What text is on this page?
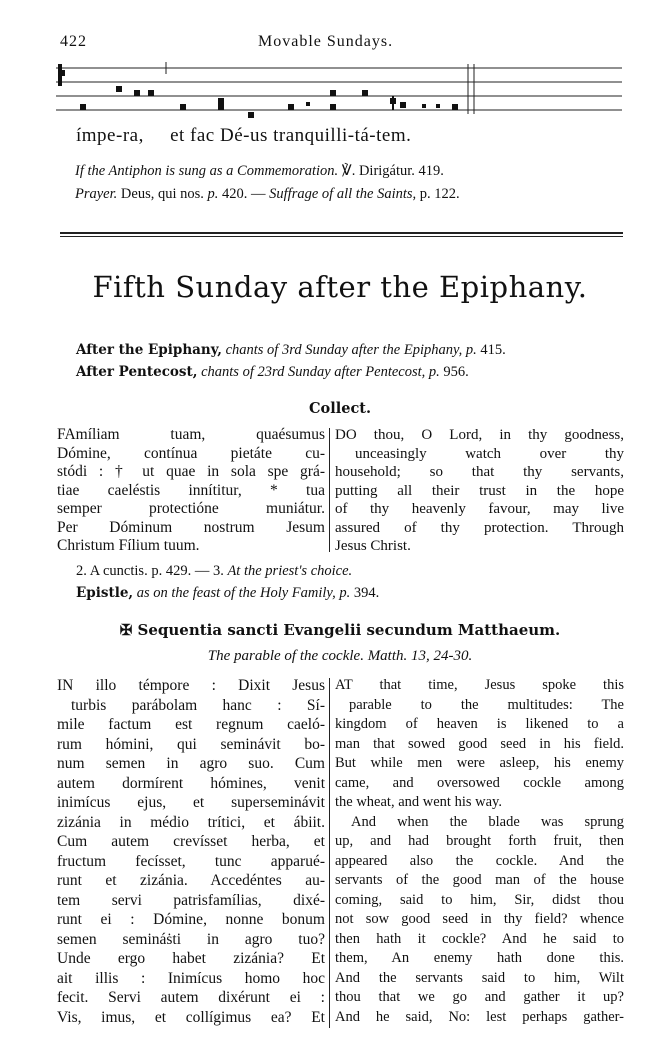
422	Movable Sundays.
ímpe-ra,     et fac Dé-us tranquilli-tá-tem.
If the Antiphon is sung as a Commemoration. ℣. Dirigátur. 419.
Prayer. Deus, qui nos. p. 420. — Suffrage of all the Saints, p. 122.
Fifth Sunday after the Epiphany.
After the Epiphany, chants of 3rd Sunday after the Epiphany, p. 415.
After Pentecost, chants of 23rd Sunday after Pentecost, p. 956.
Collect.
FAmíliam tuam, quaésumus
Dómine, contínua pietáte cu-
stódi : † ut quae in sola spe grá-
tiae caeléstis innítitur, * tua
semper protectióne muniátur.
Per Dóminum nostrum Jesum
Christum Fílium tuum.
DO thou, O Lord, in thy goodness,
unceasingly watch over thy
household; so that thy servants,
putting all their trust in the hope
of thy heavenly favour, may live
assured of thy protection. Through
Jesus Christ.
2. A cunctis. p. 429. — 3. At the priest's choice.
Epistle, as on the feast of the Holy Family, p. 394.
✠ Sequentia sancti Evangelii secundum Matthaeum.
The parable of the cockle. Matth. 13, 24-30.
IN illo témpore : Dixit Jesus
turbis parábolam hanc : Sí-
mile factum est regnum caeló-
rum hómini, qui seminávit bo-
num semen in agro suo. Cum
autem dormírent hómines, venit
inimícus ejus, et superseminávit
zizánia in médio trítici, et ábiit.
Cum autem crevísset herba, et
fructum fecísset, tunc apparué-
runt et zizánia. Accedéntes au-
tem servi patrisfamílias, dixé-
runt ei : Dómine, nonne bonum
semen semináṡti in agro tuo?
Unde ergo habet zizánia? Et
ait illis : Inimícus homo hoc
fecit. Servi autem dixérunt ei :
Vis, imus, et collígimus ea? Et
AT that time, Jesus spoke this
parable to the multitudes: The
kingdom of heaven is likened to a
man that sowed good seed in his field.
But while men were asleep, his enemy
came, and oversowed cockle among
the wheat, and went his way.
And when the blade was sprung
up, and had brought forth fruit, then
appeared also the cockle. And the
servants of the good man of the house
coming, said to him, Sir, didst thou
not sow good seed in thy field? whence
then hath it cockle? And he said to
them, An enemy hath done this.
And the servants said to him, Wilt
thou that we go and gather it up?
And he said, No: lest perhaps gather-
